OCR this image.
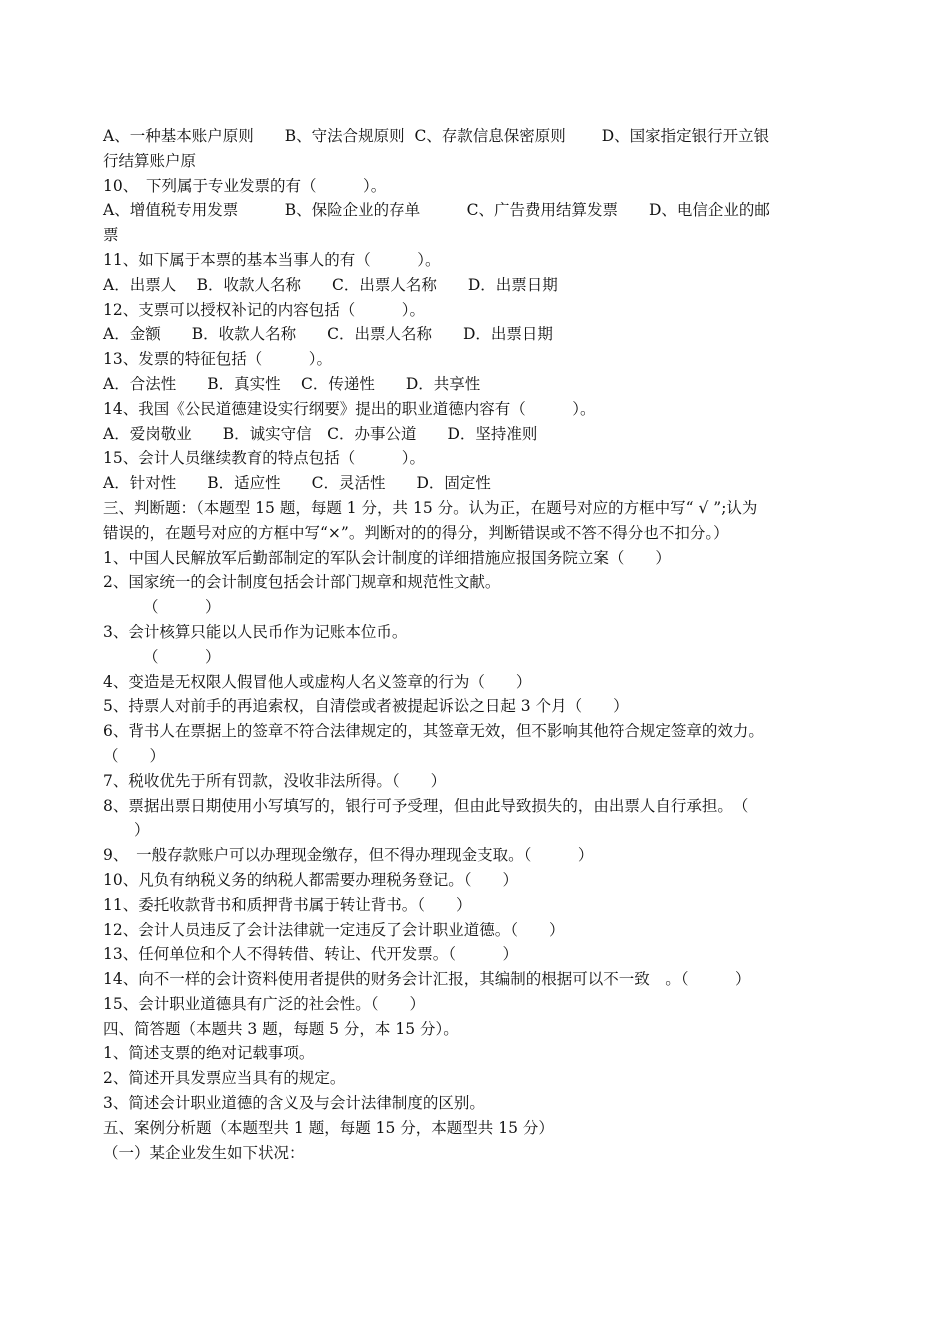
A、一种基本账户原则　　B、守法合规原则  C、存款信息保密原则　　 D、国家指定银行开立银
行结算账户原
10、　下列属于专业发票的有（　　　）。
A、增值税专用发票　　　B、保险企业的存单　　　C、广告费用结算发票　　D、电信企业的邮
票
11、如下属于本票的基本当事人的有（　　　）。
A．出票人　 B．收款人名称　　C．出票人名称　　D．出票日期
12、支票可以授权补记的内容包括（　　　）。
A．金额　　B．收款人名称　　C．出票人名称　　D．出票日期
13、发票的特征包括（　　　）。
A．合法性　　B．真实性　 C．传递性　　D．共享性
14、我国《公民道德建设实行纲要》提出的职业道德内容有（　　　）。
A．爱岗敬业　　B．诚实守信　C．办事公道　　D．坚持准则
15、会计人员继续教育的特点包括（　　　）。
A．针对性　　B．适应性　　C．灵活性　　D．固定性
三、判断题：（本题型 15 题，每题 1 分，共 15 分。认为正，在题号对应的方框中写“ √ ”;认为
错误的，在题号对应的方框中写“×”。判断对的的得分，判断错误或不答不得分也不扣分。）
1、中国人民解放军后勤部制定的军队会计制度的详细措施应报国务院立案（　　）
2、国家统一的会计制度包括会计部门规章和规范性文献。
（　　　）
3、会计核算只能以人民币作为记账本位币。
（　　　）
4、变造是无权限人假冒他人或虚构人名义签章的行为（　　）
5、持票人对前手的再追索权，自清偿或者被提起诉讼之日起 3 个月（　　）
6、背书人在票据上的签章不符合法律规定的，其签章无效，但不影响其他符合规定签章的效力。
（　　）
7、税收优先于所有罚款，没收非法所得。（　　）
8、票据出票日期使用小写填写的，银行可予受理，但由此导致损失的，由出票人自行承担。　（
　　）
9、　一般存款账户可以办理现金缴存，但不得办理现金支取。（　　　）
10、凡负有纳税义务的纳税人都需要办理税务登记。（　　）
11、委托收款背书和质押背书属于转让背书。（　　）
12、会计人员违反了会计法律就一定违反了会计职业道德。（　　）
13、任何单位和个人不得转借、转让、代开发票。（　　　）
14、向不一样的会计资料使用者提供的财务会计汇报，其编制的根据可以不一致　。（　　　）
15、会计职业道德具有广泛的社会性。（　　）
四、简答题（本题共 3 题，每题 5 分，本 15 分）。
1、简述支票的绝对记载事项。
2、简述开具发票应当具有的规定。
3、简述会计职业道德的含义及与会计法律制度的区别。
五、案例分析题（本题型共 1 题，每题 15 分，本题型共 15 分）
（一）某企业发生如下状况：
